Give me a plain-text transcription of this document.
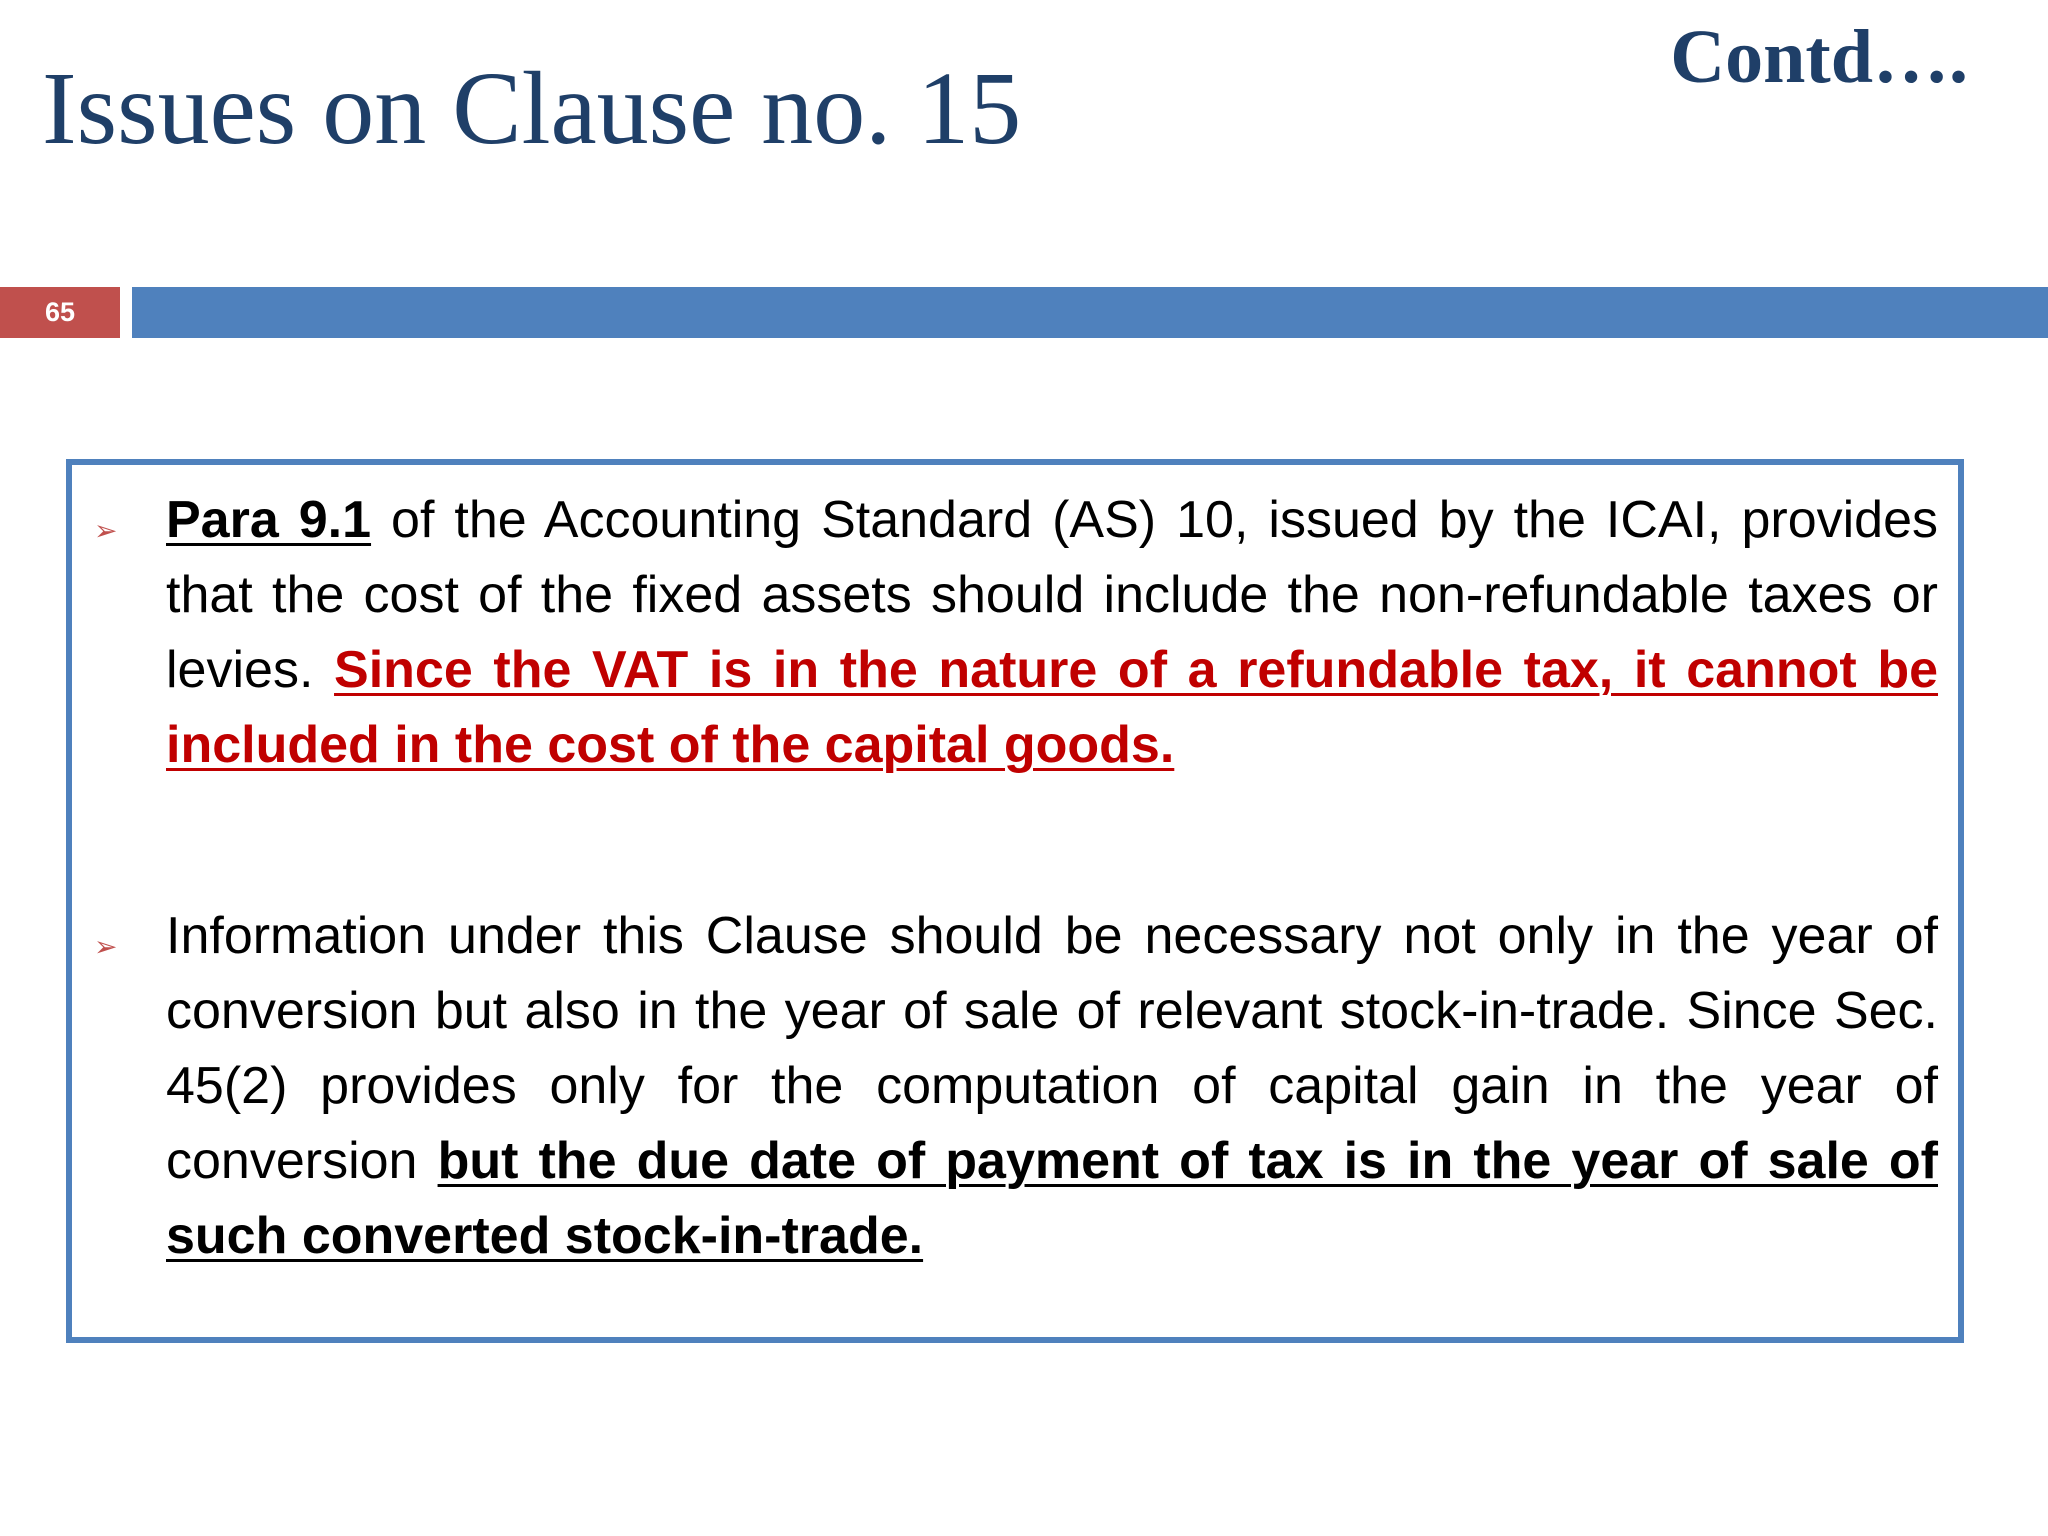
Issues on Clause no. 15	Contd….
65
➢ Para 9.1 of the Accounting Standard (AS) 10, issued by the ICAI, provides that the cost of the fixed assets should include the non-refundable taxes or levies. Since the VAT is in the nature of a refundable tax, it cannot be included in the cost of the capital goods.

➢ Information under this Clause should be necessary not only in the year of conversion but also in the year of sale of relevant stock-in-trade. Since Sec. 45(2) provides only for the computation of capital gain in the year of conversion but the due date of payment of tax is in the year of sale of such converted stock-in-trade.
